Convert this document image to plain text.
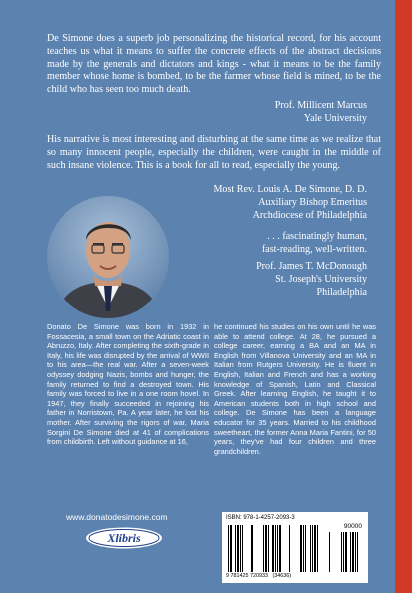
De Simone does a superb job personalizing the historical record, for his account teaches us what it means to suffer the concrete effects of the abstract decisions made by the generals and dictators and kings - what it means to be the family member whose home is bombed, to be the farmer whose field is mined, to be the child who has seen too much death.
Prof. Millicent Marcus
Yale University
His narrative is most interesting and disturbing at the same time as we realize that so many innocent people, especially the children, were caught in the middle of such insane violence. This is a book for all to read, especially the young.
Most Rev. Louis A. De Simone, D. D.
Auxiliary Bishop Emeritus
Archdiocese of Philadelphia
. . . fascinatingly human,
fast-reading, well-written.
Prof. James T. McDonough
St. Joseph's University
Philadelphia
Donato De Simone was born in 1932 in Fossacesia, a small town on the Adriatic coast in Abruzzo, Italy. After completing the sixth-grade in Italy, his life was disrupted by the arrival of WWII to his area—the real war. After a seven-week odyssey dodging Nazis, bombs and hunger, the family returned to find a destroyed town. His family was forced to live in a one room hovel. In 1947, they finally succeeded in rejoining his father in Norristown, Pa. A year later, he lost his mother. After surviving the rigors of war, Maria Sorgini De Simone died at 41 of complications from childbirth. Left without guidance at 16,
he continued his studies on his own until he was able to attend college. At 28, he pursued a college career, earning a BA and an MA in English from Villanova University and an MA in Italian from Rutgers University. He is fluent in English, Italian and French and has a working knowledge of Spanish, Latin and Classical Greek. After learning English, he taught it to American students both in high school and college. De Simone has been a language educator for 35 years. Married to his childhood sweetheart, the former Anna Maria Fantini, for 50 years, they've had four children and three grandchildren.
www.donatodesimone.com
Xlibris
ISBN: 978-1-4257-2093-3
90000
9 781425 720933 (34636)
